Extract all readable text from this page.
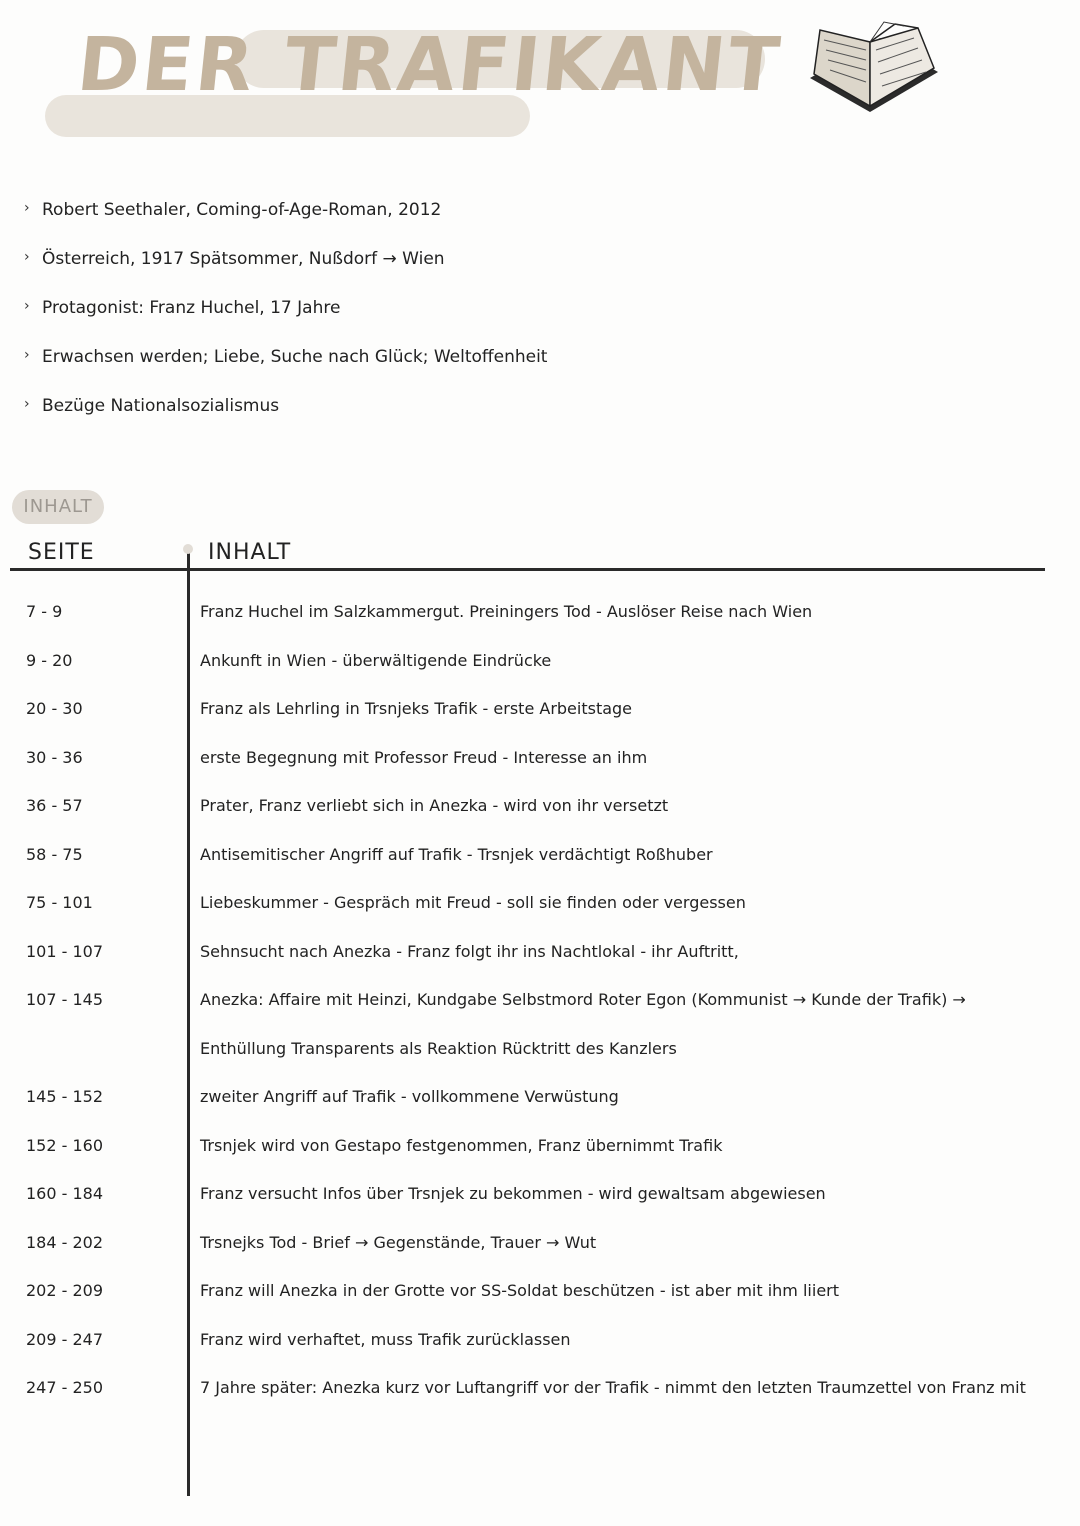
DER TRAFIKANT
› Robert Seethaler, Coming-of-Age-Roman, 2012
› Österreich, 1917 Spätsommer, Nußdorf → Wien
› Protagonist: Franz Huchel, 17 Jahre
› Erwachsen werden; Liebe, Suche nach Glück; Weltoffenheit
› Bezüge Nationalsozialismus
INHALT
SEITE	INHALT
7 - 9	Franz Huchel im Salzkammergut. Preiningers Tod - Auslöser Reise nach Wien
9 - 20	Ankunft in Wien - überwältigende Eindrücke
20 - 30	Franz als Lehrling in Trsnjeks Trafik - erste Arbeitstage
30 - 36	erste Begegnung mit Professor Freud - Interesse an ihm
36 - 57	Prater, Franz verliebt sich in Anezka - wird von ihr versetzt
58 - 75	Antisemitischer Angriff auf Trafik - Trsnjek verdächtigt Roßhuber
75 - 101	Liebeskummer - Gespräch mit Freud - soll sie finden oder vergessen
101 - 107	Sehnsucht nach Anezka - Franz folgt ihr ins Nachtlokal - ihr Auftritt,
107 - 145	Anezka: Affaire mit Heinzi, Kundgabe Selbstmord Roter Egon (Kommunist → Kunde der Trafik) → Enthüllung Transparents als Reaktion Rücktritt des Kanzlers
145 - 152	zweiter Angriff auf Trafik - vollkommene Verwüstung
152 - 160	Trsnjek wird von Gestapo festgenommen, Franz übernimmt Trafik
160 - 184	Franz versucht Infos über Trsnjek zu bekommen - wird gewaltsam abgewiesen
184 - 202	Trsnejks Tod - Brief → Gegenstände, Trauer → Wut
202 - 209	Franz will Anezka in der Grotte vor SS-Soldat beschützen - ist aber mit ihm liiert
209 - 247	Franz wird verhaftet, muss Trafik zurücklassen
247 - 250	7 Jahre später: Anezka kurz vor Luftangriff vor der Trafik - nimmt den letzten Traumzettel von Franz mit
